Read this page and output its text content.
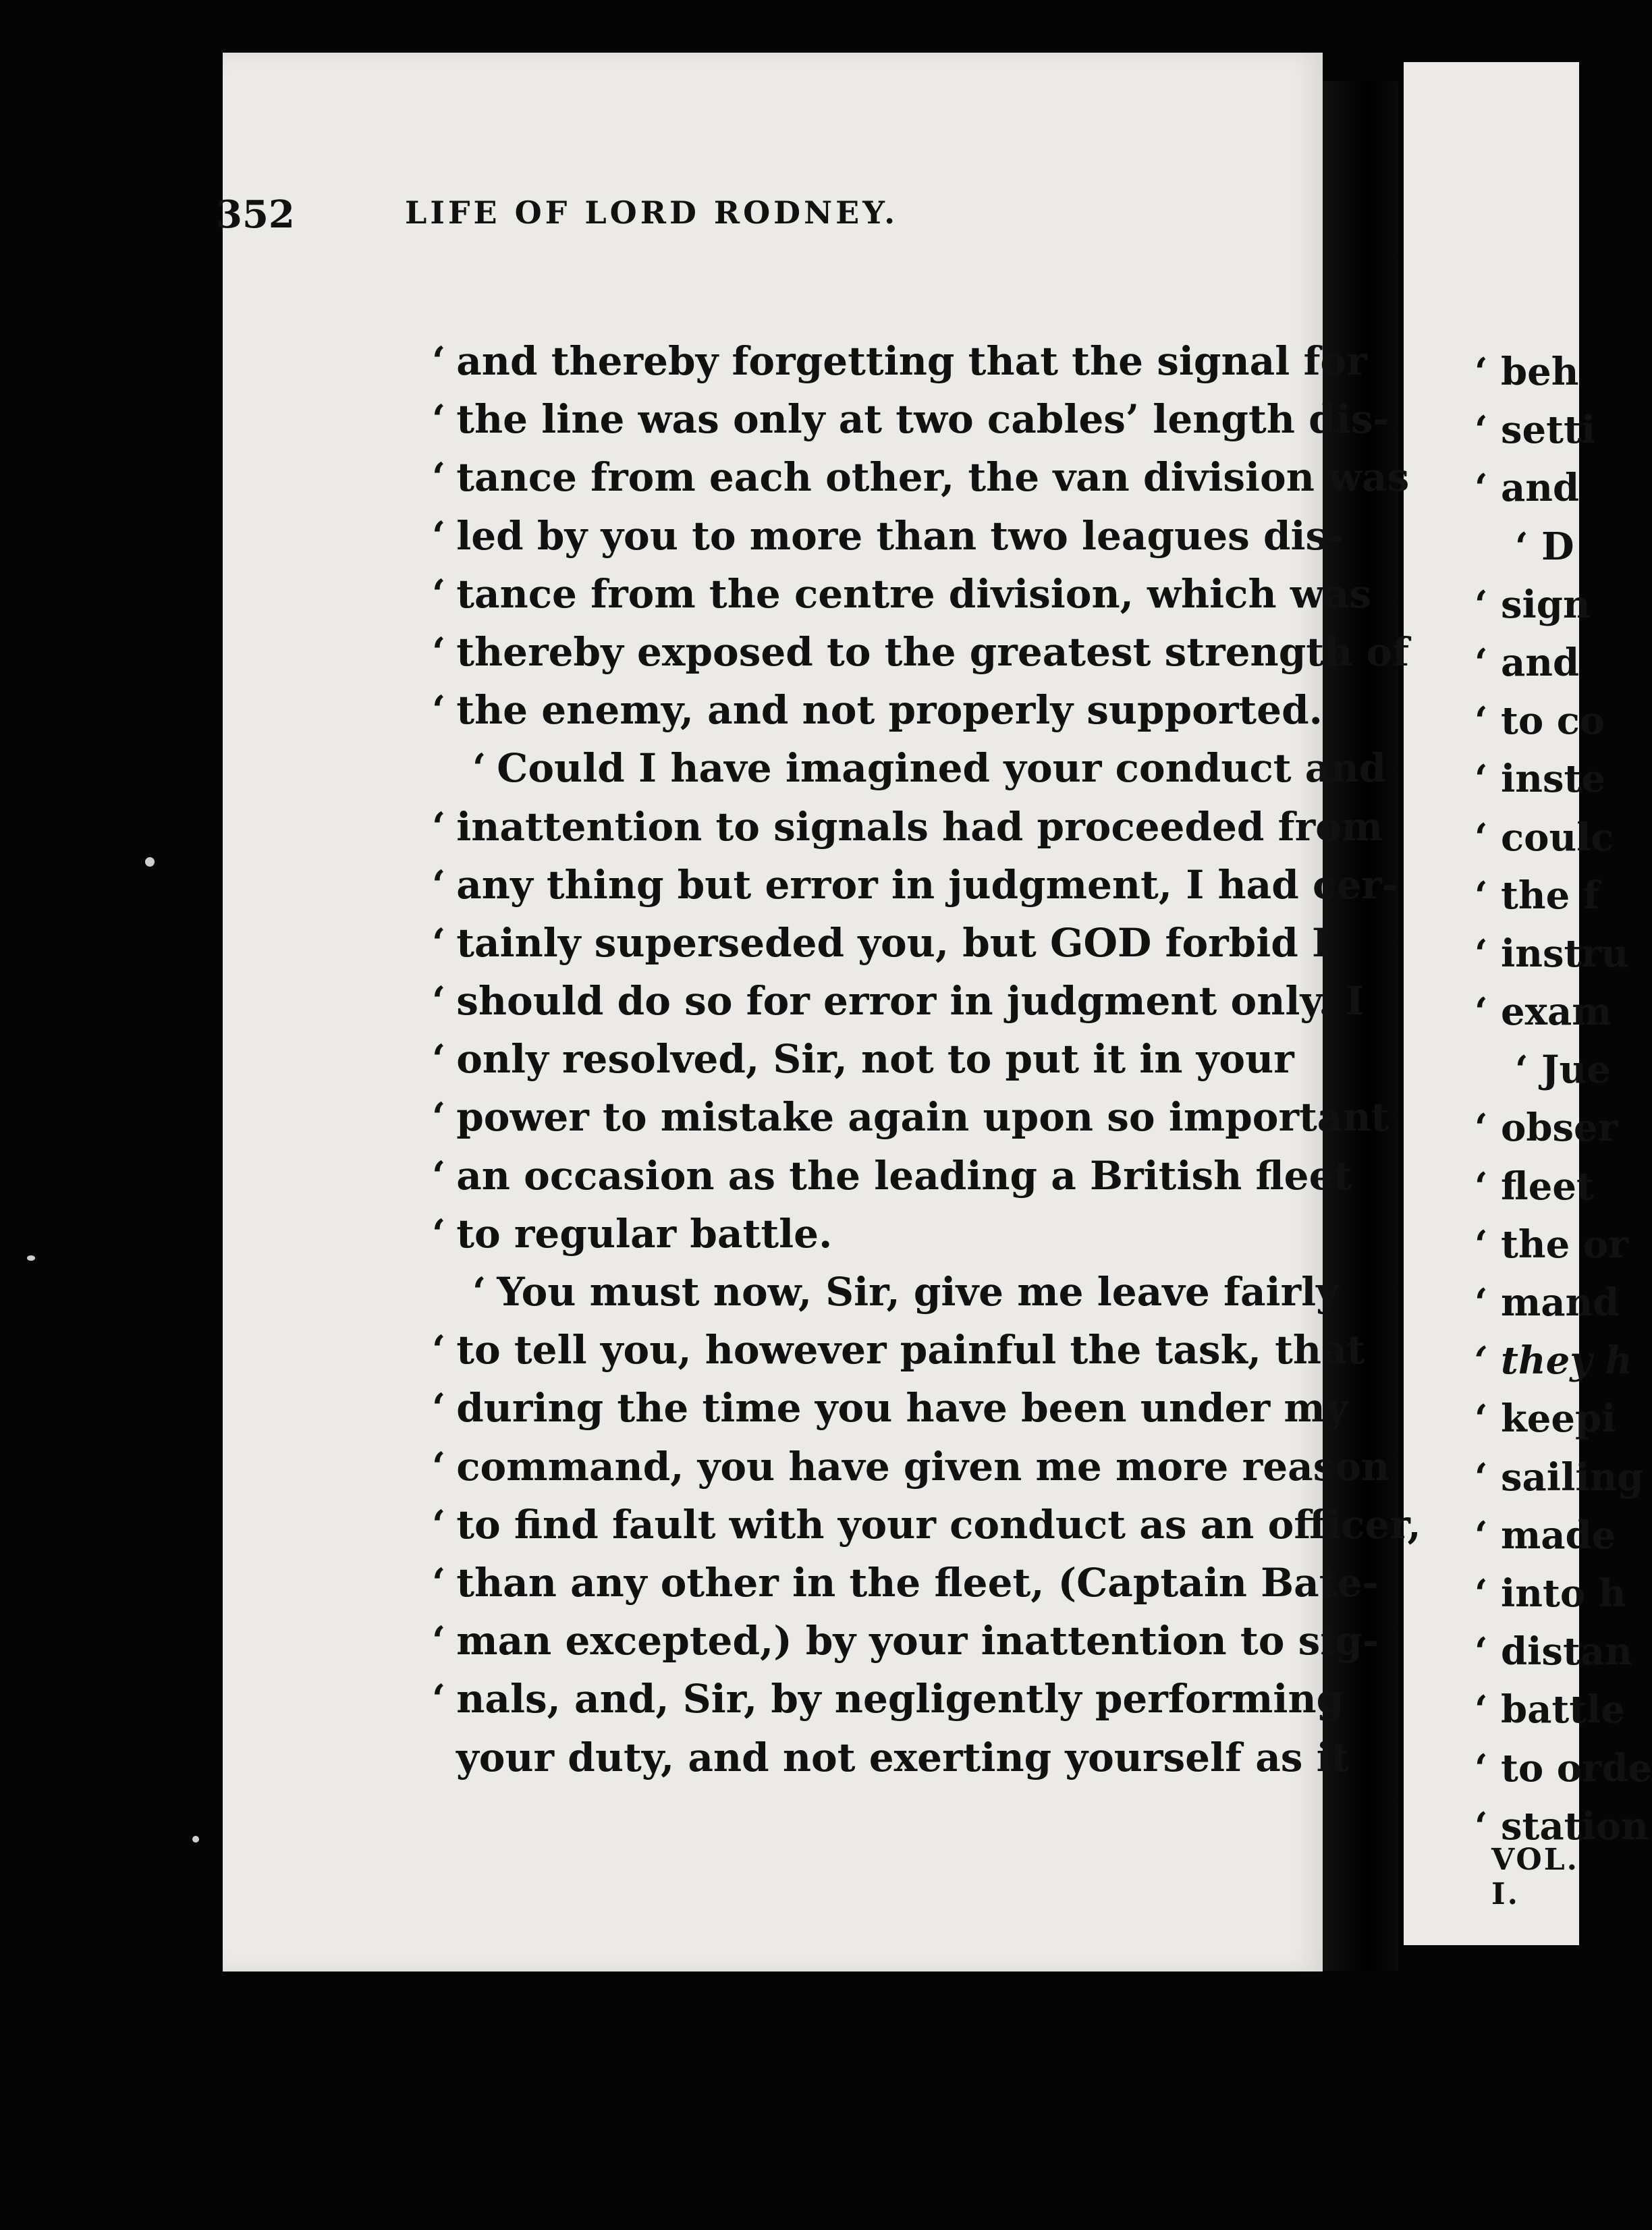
352	LIFE OF LORD RODNEY.
‘ and thereby forgetting that the signal for
‘ the line was only at two cables’ length dis-
‘ tance from each other, the van division was
‘ led by you to more than two leagues dis-
‘ tance from the centre division, which was
‘ thereby exposed to the greatest strength of
‘ the enemy, and not properly supported.
‘ Could I have imagined your conduct and
‘ inattention to signals had proceeded from
‘ any thing but error in judgment, I had cer-
‘ tainly superseded you, but GOD forbid I
‘ should do so for error in judgment only. I
‘ only resolved, Sir, not to put it in your
‘ power to mistake again upon so important
‘ an occasion as the leading a British fleet
‘ to regular battle.
‘ You must now, Sir, give me leave fairly
‘ to tell you, however painful the task, that
‘ during the time you have been under my
‘ command, you have given me more reason
‘ to find fault with your conduct as an officer,
‘ than any other in the fleet, (Captain Bate-
‘ man excepted,) by your inattention to sig-
‘ nals, and, Sir, by negligently performing
your duty, and not exerting yourself as it
‘ beh
‘ setti
‘ and
‘ D
‘ sign
‘ and
‘ to co
‘ inste
‘ coulc
‘ the f
‘ instru
‘ exam
‘ Jue
‘ obser
‘ fleet
‘ the or
‘ mand
‘ they h
‘ keepi
‘ sailing
‘ made
‘ into h
‘ distan
‘ battle
‘ to orde
‘ station
VOL. I.
